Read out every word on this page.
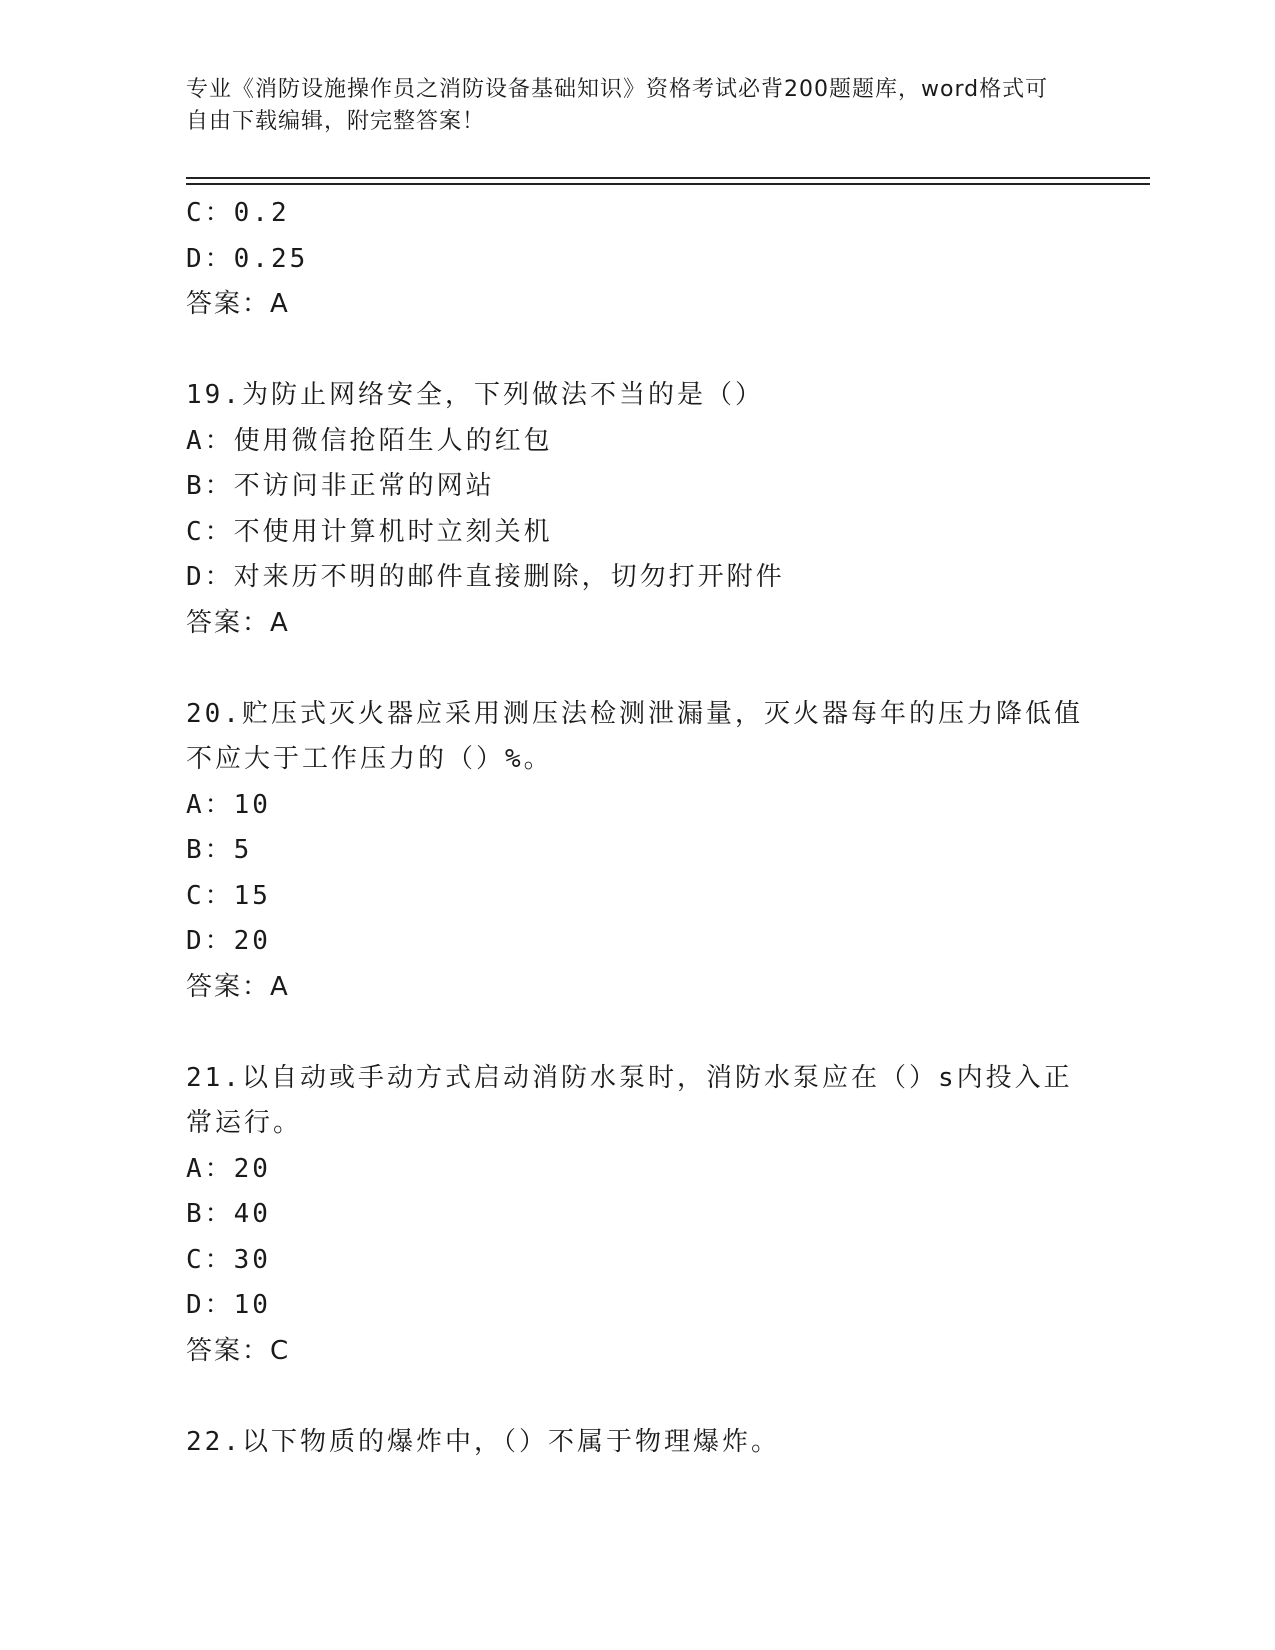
专业《消防设施操作员之消防设备基础知识》资格考试必背200题题库，word格式可自由下载编辑，附完整答案！
C：0.2
D：0.25
答案：A
19.为防止网络安全，下列做法不当的是（）
A：使用微信抢陌生人的红包
B：不访问非正常的网站
C：不使用计算机时立刻关机
D：对来历不明的邮件直接删除，切勿打开附件
答案：A
20.贮压式灭火器应采用测压法检测泄漏量，灭火器每年的压力降低值
不应大于工作压力的（）%。
A：10
B：5
C：15
D：20
答案：A
21.以自动或手动方式启动消防水泵时，消防水泵应在（）s内投入正
常运行。
A：20
B：40
C：30
D：10
答案：C
22.以下物质的爆炸中，（）不属于物理爆炸。
